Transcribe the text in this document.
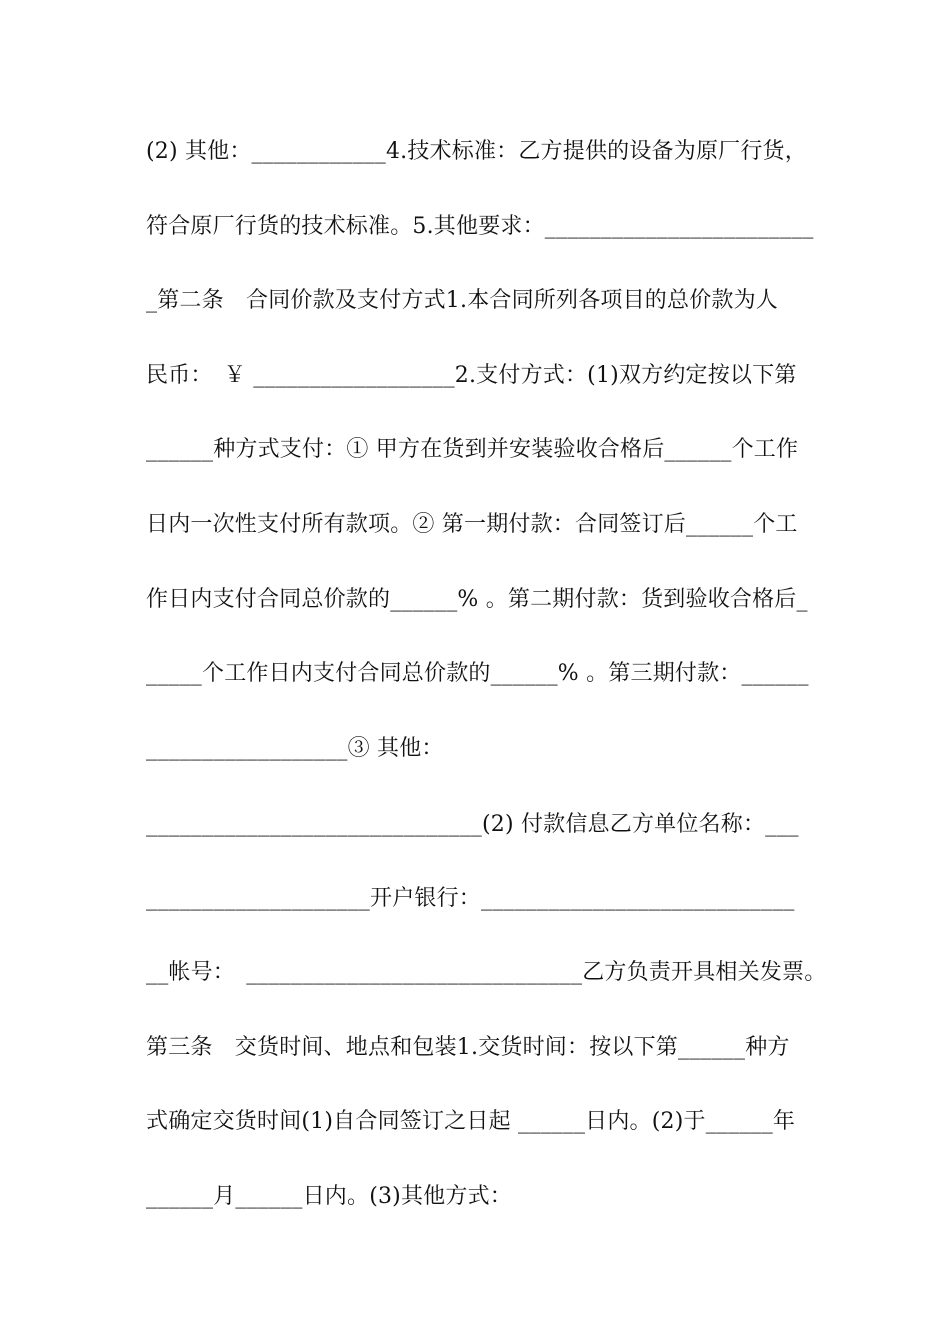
(2) 其他：____________4.技术标准：乙方提供的设备为原厂行货，
符合原厂行货的技术标准。5.其他要求：________________________
_第二条　合同价款及支付方式1.本合同所列各项目的总价款为人
民币：　￥ __________________2.支付方式：(1)双方约定按以下第
______种方式支付：① 甲方在货到并安装验收合格后______个工作
日内一次性支付所有款项。② 第一期付款：合同签订后______个工
作日内支付合同总价款的______% 。第二期付款：货到验收合格后_
_____个工作日内支付合同总价款的______% 。第三期付款：______
__________________③ 其他：
______________________________(2) 付款信息乙方单位名称：___
____________________开户银行：____________________________
__帐号：　______________________________乙方负责开具相关发票。
第三条　交货时间、地点和包装1.交货时间：按以下第______种方
式确定交货时间(1)自合同签订之日起 ______日内。(2)于______年
______月______日内。(3)其他方式：
